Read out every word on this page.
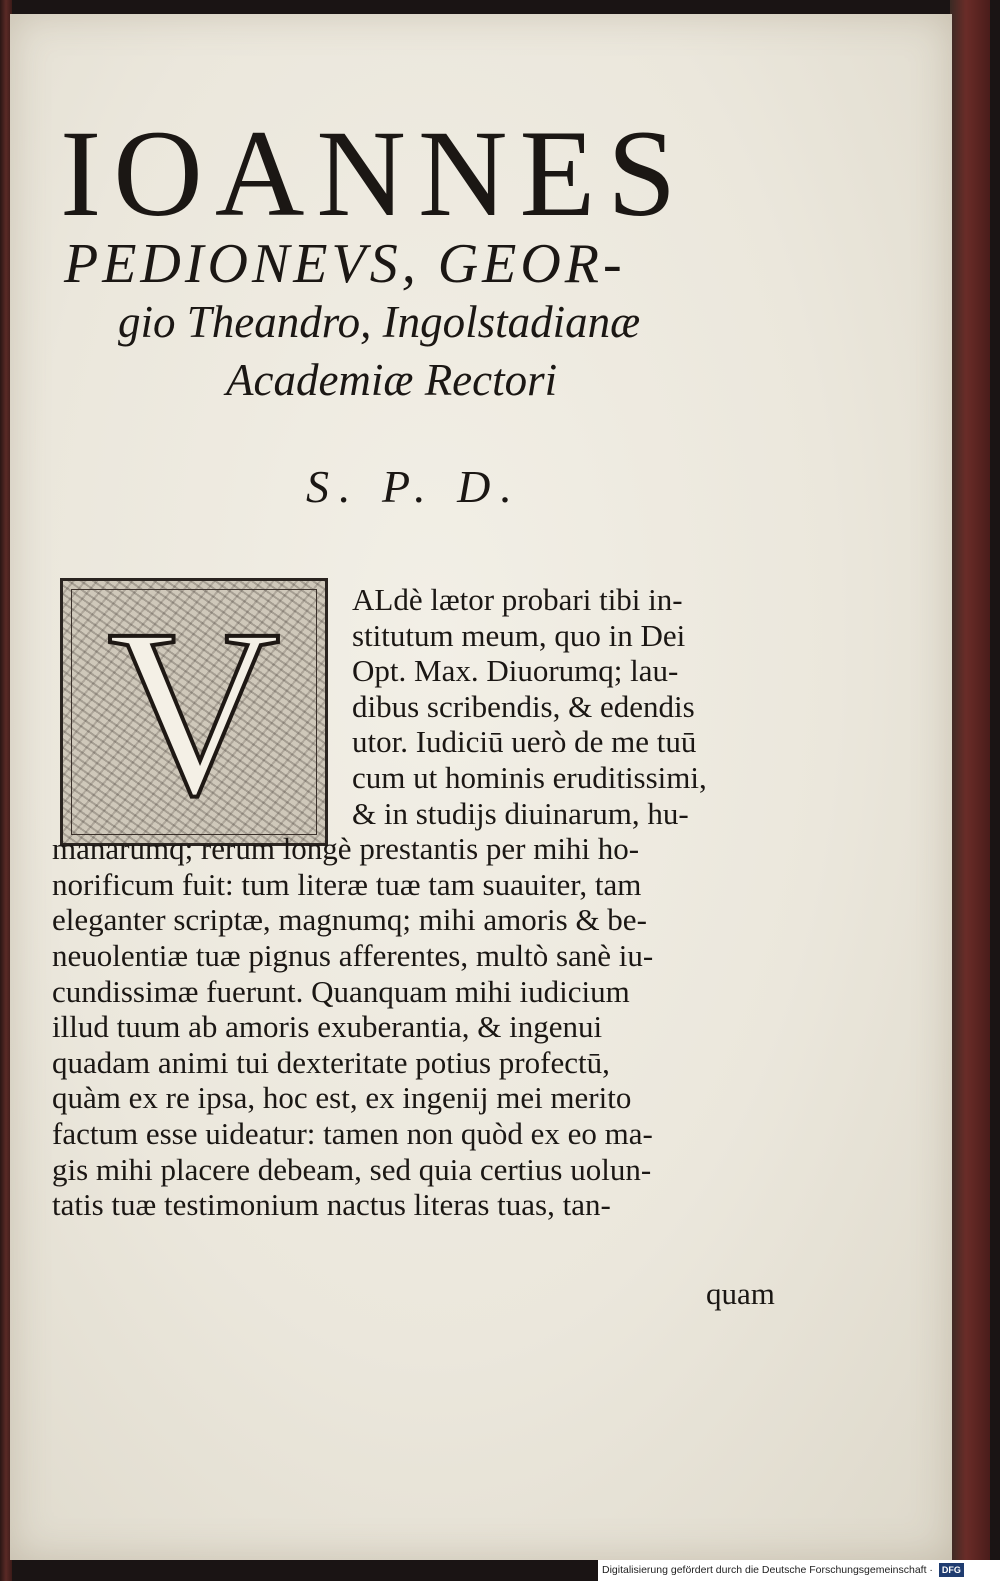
IOANNES
PEDIONEVS, GEOR-
gio Theandro, Ingolstadianæ
Academiæ Rectori
S. P. D.
V	ALdè lætor probari tibi in-
stitutum meum, quo in Dei
Opt. Max. Diuorumq; lau-
dibus scribendis, & edendis
utor. Iudiciū uerò de me tuū
cum ut hominis eruditissimi,
& in studijs diuinarum, hu-
manarumq; rerum longè prestantis per mihi ho-
norificum fuit: tum literæ tuæ tam suauiter, tam
eleganter scriptæ, magnumq; mihi amoris & be-
neuolentiæ tuæ pignus afferentes, multò sanè iu-
cundissimæ fuerunt. Quanquam mihi iudicium
illud tuum ab amoris exuberantia, & ingenui
quadam animi tui dexteritate potius profectū,
quàm ex re ipsa, hoc est, ex ingenij mei merito
factum esse uideatur: tamen non quòd ex eo ma-
gis mihi placere debeam, sed quia certius uolun-
tatis tuæ testimonium nactus literas tuas, tan-
quam
Digitalisierung gefördert durch die Deutsche Forschungsgemeinschaft · DFG
